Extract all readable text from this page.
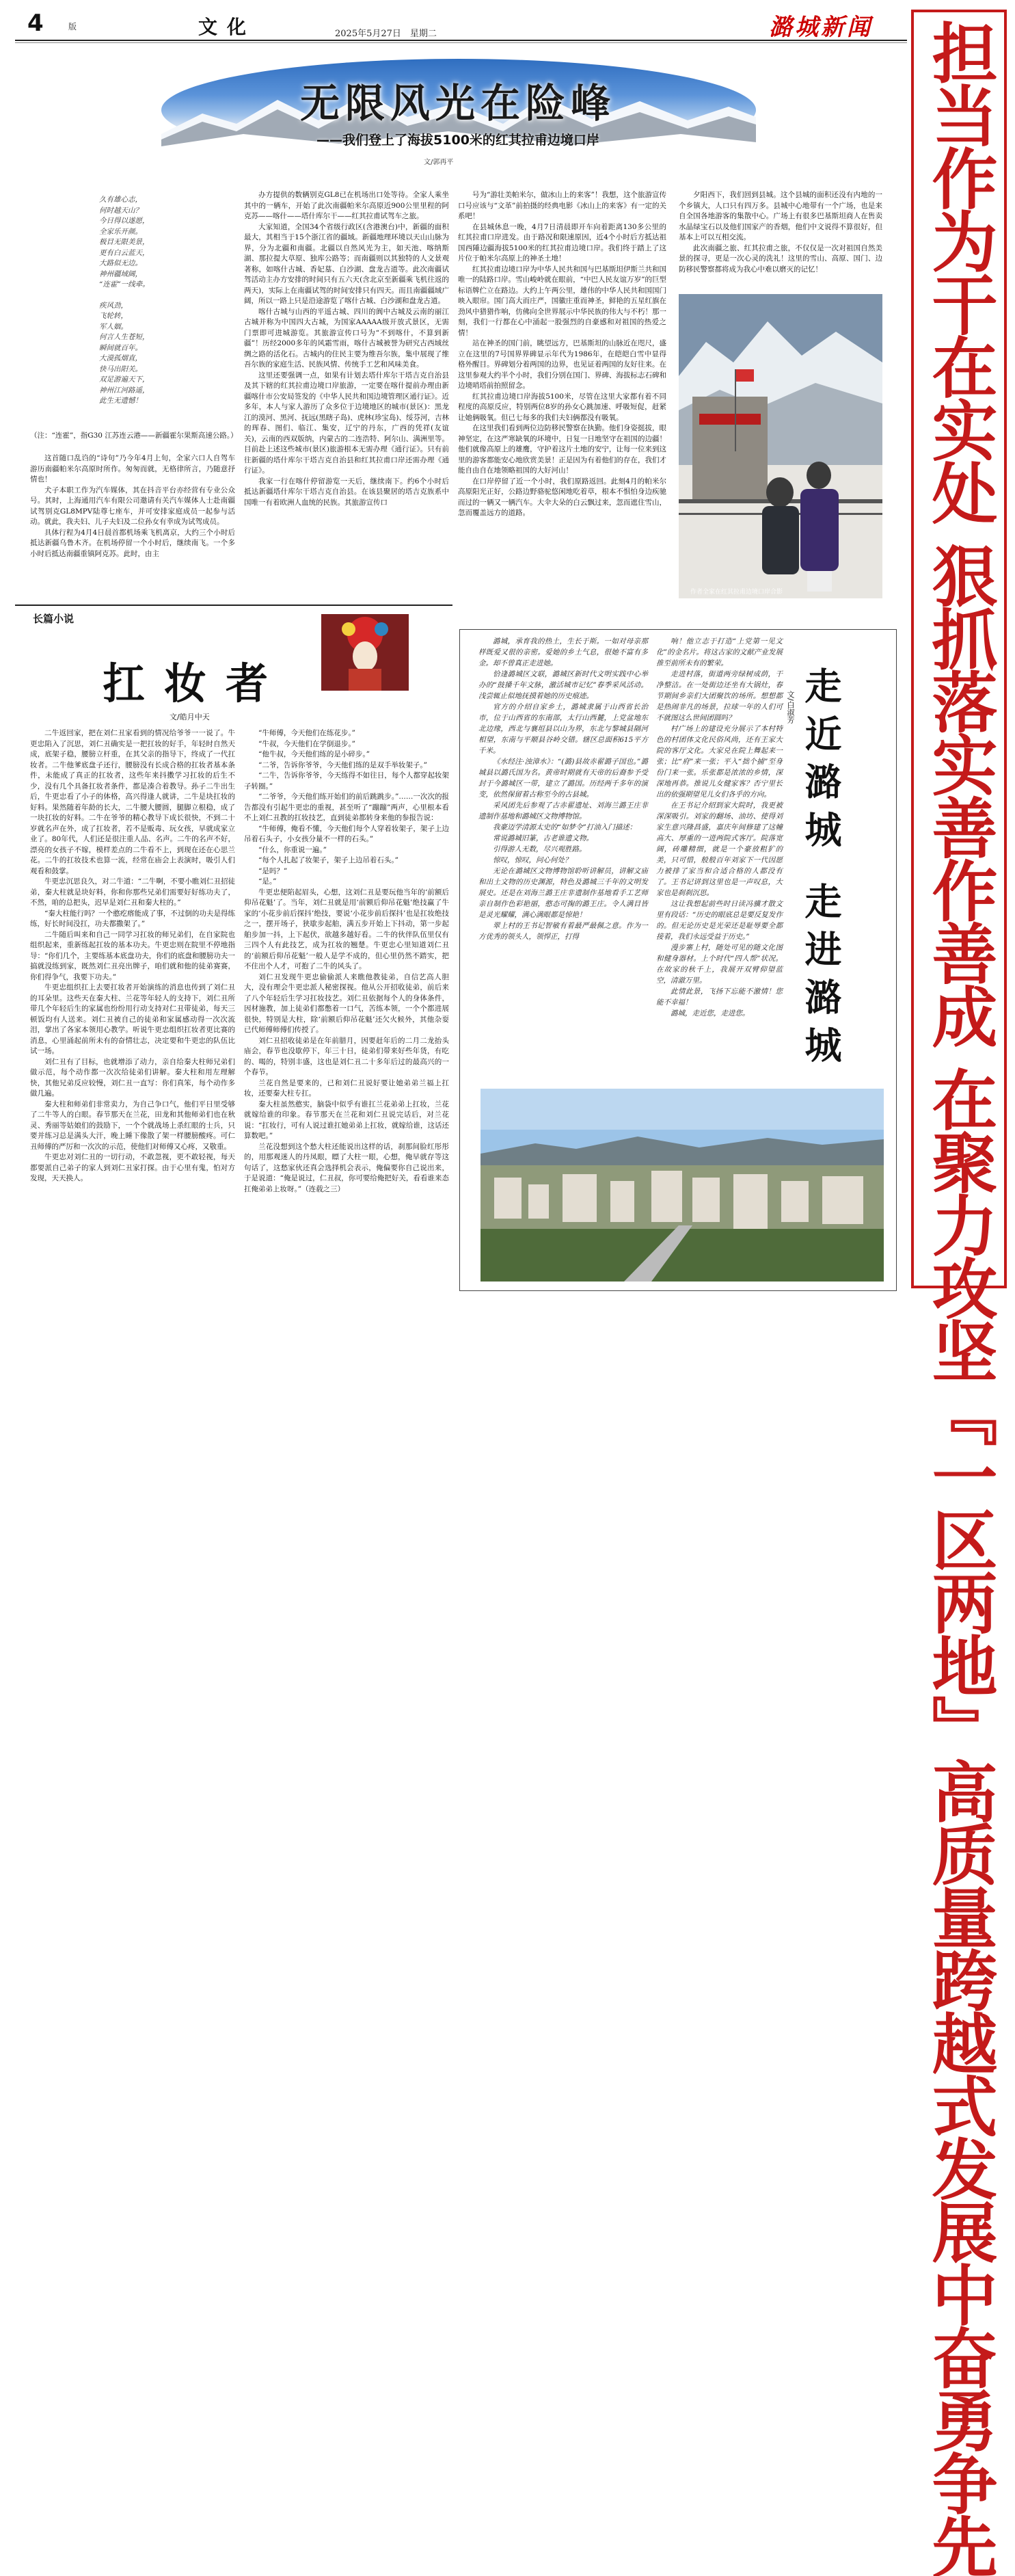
4	版	文化	2025年5月27日　星期二	潞城新闻 担当作为干在实处 狠抓落实善作善成 在聚力攻坚『一区两地』高质量跨越式发展中奋勇争先
无限风光在险峰
——我们登上了海拔5100米的红其拉甫边境口岸
文/郭再平
久有雄心志，
何时越天山？
今日得以遂愿，
全家乐开颜。
极目无限美景，
更有白云蓝天，
大路似无边。
神州疆域阔，
“连霍”一线牵。
疾风劲，
飞轮转，
军人姻。
何言人生苍短，
瞬间就百年。
大漠孤烟直，
快马出阳关。
双足游遍天下，
神州江河路遥，
此生无遗憾！
（注：“连霍”，指G30 江苏连云港——新疆霍尔果斯高速公路。）

这首随口乱诌的“诗句”乃今年4月上旬，全家六口人自驾车游历南疆帕米尔高原时所作。匆匆而就，无格律所言，乃随意抒情也！

犬子本职工作为汽车媒体，其在抖音平台亦经营有专业公众号。其时，上海通用汽车有限公司邀请有关汽车媒体人士赴南疆试驾别克GL8MPV陆尊七座车，并可安排家庭成员一起参与活动。就此，我夫妇、儿子夫妇及二位孙女有幸成为试驾成员。

具体行程为4月4日晨首都机场乘飞机离京，大约三个小时后抵达新疆乌鲁木齐。在机场停留一个小时后，继续南飞。一个多小时后抵达南疆重镇阿克苏。此时，由主

办方提供的数辆别克GL8已在机场出口处等待。全家人乘坐其中的一辆车，开始了此次南疆帕米尔高原近900公里里程的阿克苏——喀什——塔什库尔干——红其拉甫试驾车之旅。

大家知道，全国34个省级行政区(含港澳台)中，新疆的面积最大，其相当于15个浙江省的疆域。新疆地理环境以天山山脉为界，分为北疆和南疆。北疆以自然风光为主，如天池、喀纳斯湖、那拉提大草原、独库公路等；而南疆则以其独特的人文景观著称，如喀什古城、香妃墓、白沙湖、盘龙古道等。此次南疆试驾活动主办方安排的时间只有五六天(含北京至新疆乘飞机往返的两天)，实际上在南疆试驾的时间安排只有四天。而且南疆疆域广阔，所以一路上只是沿途游览了喀什古城、白沙湖和盘龙古道。

喀什古城与山西的平遥古城、四川的阆中古城及云南的丽江古城并称为中国四大古城，为国家AAAAA级开放式景区，无需门票即可进城游览。其旅游宣传口号为“不到喀什，不算到新疆”！历经2000多年的风霜雪雨，喀什古城被誉为研究古西域丝绸之路的活化石。古城内的住民主要为维吾尔族，集中展现了维吾尔族的家庭生活、民族风情、传统手工艺和风味美食。

这里还要强调一点，如果有计划去塔什库尔干塔吉克自治县及其下辖的红其拉甫边境口岸旅游，一定要在喀什提前办理由新疆喀什市公安局签发的《中华人民共和国边境管理区通行证》。近多年，本人与家人游历了众多位于边境地区的城市(景区)：黑龙江的漠河、黑河、抚远(黑瞎子岛)、虎林(珍宝岛)、绥芬河，吉林的珲春、图们、临江、集安，辽宁的丹东，广西的凭祥(友谊关)，云南的西双版纳，内蒙古的二连浩特、阿尔山、满洲里等。目前赴上述这些城市(景区)旅游根本无需办理《通行证》。只有前往新疆的塔什库尔干塔吉克自治县和红其拉甫口岸还需办理《通行证》。

我家一行在喀什停留游览一天后，继续南下。约6个小时后抵达新疆塔什库尔干塔吉克自治县。在该县聚居的塔吉克族系中国唯一有着欧洲人血统的民族。其旅游宣传口

号为“游壮美帕米尔，做冰山上的来客”！我想，这个旅游宣传口号应该与“文革”前拍摄的经典电影《冰山上的来客》有一定的关系吧！

在县城休息一晚，4月7日清晨即开车向着距离130多公里的红其拉甫口岸进发。由于路况和限速原因，近4个小时后方抵达祖国西陲边疆海拔5100米的红其拉甫边境口岸。我们终于踏上了这片位于帕米尔高原上的神圣土地！

红其拉甫边境口岸为中华人民共和国与巴基斯坦伊斯兰共和国唯一的陆路口岸。雪山峻岭就在眼前，“中巴人民友谊万岁”的巨型标语牌伫立在路边。大约上午两公里，雄伟的中华人民共和国国门映入眼帘。国门高大而庄严，国徽庄重而神圣，鲜艳的五星红旗在劲风中猎猎作响，仿佛向全世界展示中华民族的伟大与不朽！那一刻，我们一行都在心中涌起一股强烈的自豪感和对祖国的热爱之情！

站在神圣的国门前，眺望远方，巴基斯坦的山脉近在咫尺，盛立在这里的7号国界界碑显示年代为1986年，在皑皑白雪中显得格外醒目。界碑划分着两国的边界，也见证着两国的友好往来。在这里参观大约半个小时，我们分别在国门、界碑、海拔标志石碑和边境哨塔前拍照留念。

红其拉甫边境口岸海拔5100米，尽管在这里大家都有着不同程度的高原反应，特别两位8岁的孙女心跳加速、呼吸短促，赶紧让她俩吸氧。但已七每多的我们夫妇俩都没有吸氧。

在这里我们看到两位边防移民警察在执勤。他们身姿挺拔，眼神坚定，在这严寒缺氧的环境中，日复一日地坚守在祖国的边疆！他们就像高原上的雄鹰，守护着这片土地的安宁，让每一位来到这里的游客都能安心地欣赏美景！正是因为有着他们的存在，我们才能自由自在地领略祖国的大好河山！

在口岸停留了近一个小时，我们原路返回。此刻4月的帕米尔高原阳光正好，公路边野骆驼悠闲地吃着草，根本不惧怕身边疾驰而过的一辆又一辆汽车。大伞大朵的白云飘过来，忽而遮住雪山，忽而覆盖远方的道路。

夕阳西下，我们回到县城。这个县城的面积还没有内地的一个乡镇大，人口只有四万多。县城中心地带有一个广场，也是来自全国各地游客的集散中心。广场上有很多巴基斯坦商人在售卖水晶绿宝石以及他们国家产的香烟，他们中文说得不算很好，但基本上可以互相交流。

此次南疆之旅、红其拉甫之旅，不仅仅是一次对祖国自然美景的探寻，更是一次心灵的洗礼！这里的雪山、高原、国门、边防移民警察都将成为我心中难以磨灭的记忆！

作者全家在红其拉甫边境口岸合影
长篇小说
扛妆者
文/皓月中天

二牛返回家，把在刘仁丑家看到的情况给爷爷一一说了。牛更忠陷入了沉思，刘仁丑确实是一把扛妆的好手，年轻时自然天成，底架子稳，腰膀立杆重，在其父亲的指导下，终成了一代扛妆者。二牛他爹底盘子还行，腰膀没有长成合格的扛妆者基本条件，未能成了真正的扛妆者，这些年来抖擞学习扛妆的后生不少，没有几个具备扛妆者条件，都是凑合着教导。孙子二牛出生后，牛更忠看了小子的体格，高兴得逢人就讲，二牛是块扛妆的好料。果然随着年龄的长大，二牛腰大腰圆，腿脚立根稳，成了一块扛妆的好料。二牛在爷爷的精心教导下成长很快，不到二十岁就名声在外，成了扛妆者，若不是贩毒、玩女孩，早就成家立业了。80年代，人们还是很注重人品、名声。二牛的名声不好，漂亮的女孩子不嫁，模样差点的二牛看不上，到现在还在心思兰花。二牛的扛妆技术也算一流，经常在庙会上表演时，吸引人们观看和鼓掌。

牛更忠沉思良久，对二牛道：“二牛啊，不要小瞧刘仁丑招徒弟，秦大柱就是块好料，你和你那些兄弟们需要好好练功夫了，不然，咱的总把头，迟早是刘仁丑和秦大柱的。”

“秦大柱能行吗？一个憨疙瘩能成了事，不过倒的功夫是得练练，好长时间没扛，功夫都撒架了。”

二牛随后叫来和自己一同学习扛妆的师兄弟们，在自家院也组织起来，重新练起扛妆的基本功夫。牛更忠则在院里不停地指导：“你们几个，主要练基本底盘功夫，你们的底盘和腰膀功夫一搞就没练到家，既然刘仁丑亮出牌子，咱们就和他的徒弟赛赛，你们得争气，我要下功夫。”

牛更忠组织扛上去要扛妆者开始演练的消息也传到了刘仁丑的耳朵里。这些天在秦大柱、兰花等年轻人的支持下，刘仁丑所带几个年轻后生的家属也纷纷用行动支持对仁丑带徒弟，每天三顿饭均有人送来。刘仁丑被自己的徒弟和家属感动得一次次流泪，掌出了各家本领用心教学。听说牛更忠组织扛妆者更比赛的消息，心里涌起前所未有的奋情壮志，决定要和牛更忠的队伍比试一场。

刘仁丑有了目标，也就增添了动力，亲自给秦大柱师兄弟们做示范，每个动作都一次次给徒弟们讲解。秦大柱和用左理解快，其他兄弟反应较慢，刘仁丑一直写：你们真笨，每个动作多做几遍。

秦大柱和师弟们非常卖力，为自己争口气，他们平日里受够了二牛等人的白眼。春节那天在兰花，田龙和其他师弟们也在秋灵、秀丽等姑娘们的鼓励下，一个个就战场上杀红眼的士兵，只要并练习总是满头大汗，晚上睡下像散了架一样腰膀酸疼。可仁丑师傅的严厉和一次次的示范，使他们对师傅又心疼，又敬重。

牛更忠对刘仁丑的一切行动，不敢忽视，更不敢轻视，每天都要派自己弟子的家人到刘仁丑家打探。由于心里有鬼，怕对方发现，天天换人。

“牛师傅，今天他们在练花步。”

“牛叔，今天他们在学倒退步。”

“他牛叔，今天他们练的是小碎步。”

“二爷，告诉你爷爷，今天他们练的是双手举妆架子。”

“二牛，告诉你爷爷，今天练得不如往日，每个人都穿起妆架子转圈。”

“二爷爷，今天他们练开始们的前后跳跳步。”……一次次的报告都没有引起牛更忠的重视，甚至听了“蹦蹦”两声，心里根本看不上刘仁丑教的扛妆技艺，直到徒弟都转身来他的参报告说：

“牛师傅，俺看不懂，今天他们每个人穿着妆架子，架子上边吊着石头子，小女孩分量不一样的石头。”

“什么，你重说一遍。”

“每个人扎起了妆架子，架子上边吊着石头。”

“是吗？”

“是。”

牛更忠便陷起眉头，心想，这刘仁丑是要玩他当年的‘前额后仰吊花魁’了。当年，刘仁丑就是用‘前额后仰吊花魁’绝技赢了牛家的‘小花步前后探抖’绝技，要说‘小花步前后探抖’也是扛妆绝技之一，摆开场子，狭歇步起舶，满五步开始上下抖动，第一步起舶步加一抖，上下起伏，欲越多越好看。二牛的伙伴队伍里仅有三四个人有此技艺，成为扛妆的翘楚。牛更忠心里知道刘仁丑的‘前额后仰吊花魁’一般人是学不成的，但心里仍然不踏实，把不住出个人才，可抱了二牛的风头了。

刘仁丑发现牛更忠偷偷派人来瞧他教徒弟，自信艺高人胆大，没有理会牛更忠派人秘密探视。他从公开招收徒弟，前后来了八个年轻后生学习扛妆技艺。刘仁丑依据每个人的身体条件，因材施教，加上徒弟们都憋着一口气，苦练本领，一个个都进展很快，特别是大柱，除‘前额后仰吊花魁’还欠火候外，其他杂耍已代师傅师傅们传授了。

刘仁丑招收徒弟是在年前腊月，因要赶年后的二月二龙抬头庙会，春节也没歇停下，年三十日，徒弟们带来好些年货，有吃的、喝的，特别丰盛，这也是刘仁丑二十多年后过的最高兴的一个春节。

兰花自然是要来的，已和刘仁丑说好要让她弟弟兰福上扛妆，还要秦大柱专扛。

秦大柱虽然憨实，脑袋中似乎有谁扛兰花弟弟上扛妆，兰花就嫁给谁的印象。春节那天在兰花和刘仁丑说完话后，对兰花说：“扛妆行，可有人说过谁扛她弟弟上扛妆，就嫁给谁，这话还算数吧。”

兰花没想到这个愁大柱还能说出这样的话，刹那间脸红彤彤的，用那观迷人的丹凤眼，瞟了大柱一眼，心想，俺早就存等这句话了，这愁家伙还真会选择机会表示，俺偏要你自己说出来，于是说道：“俺是说过，仁丑叔，你可要给俺把好关，看看谁来态扛俺弟弟上妆呀。”（连载之三）

潞城，承育我的热土，生长于斯。一如对母亲那样既爱又很的亲密。爱她的乡土气息，很她不富有多金。却不曾真正走进她。

恰逢潞城区文联，潞城区新时代文明实践中心举办的“鼓搡千年文脉，激活城市记忆”春季采风活动。浅尝辄止似地抚摸着她的历史痕迹。

官方的介绍自家乡土，潞城隶属于山西省长治市，位于山西省的东南部，太行山西麓，上党盆地东北边缘，西北与襄垣县以山为界，东北与黎城县隔河相望，东南与平顺县谷岭交错。辖区总面积615平方千米。

《水经注·浊漳水》：“(潞)县故赤翟潞子国也。”潞城县以潞氏国为名。黄帝时期就有天帝的后裔参予受封于今潞城区一带，建立了潞国。历经两千多年的演变，依然保留着古称至今的古县城。

采风团先后参观了古赤翟遗址、刘海兰潞王庄非遗制作基地和潞城区文物博物馆。

我豪迈学清源太史的“如梦令”打油入门描述：

常说潞城旧篆，古老谁遗文物。

引得游人无数，尽兴观胜路。

惊叹，惊叹，问心何处？

无论在潞城区文物博物馆聆听讲解员，讲解文庙和出土文物的历史渊源，特色及潞城三千年的文明发展史。还是在刘海兰潞王庄非遗制作基地看手工艺师亲自制作色彩艳丽，憨态可掬的潞王庄。令人满目皆是灵光耀耀，满心满眼都是惊艳！

翠上村的王书记智敏有着最严最佩之意。作为一方优秀的领头人，领悍正，打得

响！他立志于打造“上党第一见文化”的金名片。将这古家的文献产业发展推至前所未有的繁荣。

走进村落，街道两旁绿树成荫，干净整洁。在一处街边还坐有大锅灶，春节期间乡亲们大团聚饮的场所。想想都是热闹非凡的场景，拉球一年的人们可不就图这么世间团圆吗？

村广场上的建设充分展示了本村特色的村团体文化民俗风尚，还有王家大院的客厅文化。大家兑在院上舞起来一张；比“府”来一张；平入“拙个捕”至身份门来一张。乐张都是浓浓的乡情，深深地再恭。推说儿女健家客？否宁里长出的依强期望见儿女们各乎的方向。

在王书记介绍到家大院时，我更被深深吸引。刘家的翻场、油坊、使得刘家生意兴隆昌盛，嘉庆年间修建了这幢高大、厚重的一进两院式客厅。院落宽阔，砖雕精细，就是一个豪放粗犷的美，只可惜，般般百年刘家下一代因愿力被排了家当和合适合格的人都没有了。王书记讲到这里也是一声叹息，大家也是刹刹沉思。

这让我想起前些时日读冯骥才散文里有段话：“历史的眼底总是要反复发作的。但无论历史是光荣还是耻辱要全都接着，我们永远受益于历史。”

漫步寨上村，随处可见的随文化图和健身器材。上个时代“四人帮”状况。在故家的秋千上，我展开双臂仰望蓝空，清澈万里。

此情此景，飞扬下忘能不激情！您能不幸福！

潞城，走近您，走进您。

文/白淑芳 走近潞城 走进潞城
